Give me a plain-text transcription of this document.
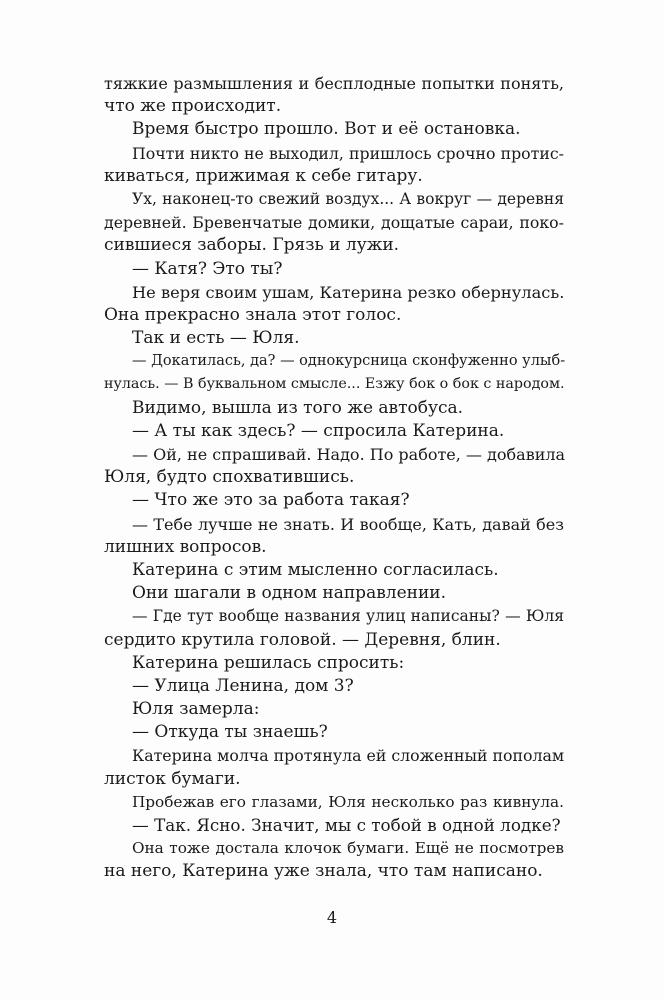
тяжкие размышления и бесплодные попытки понять,
что же происходит.
Время быстро прошло. Вот и её остановка.
Почти никто не выходил, пришлось срочно протис-
киваться, прижимая к себе гитару.
Ух, наконец-то свежий воздух... А вокруг — деревня
деревней. Бревенчатые домики, дощатые сараи, поко-
сившиеся заборы. Грязь и лужи.
— Катя? Это ты?
Не веря своим ушам, Катерина резко обернулась.
Она прекрасно знала этот голос.
Так и есть — Юля.
— Докатилась, да? — однокурсница сконфуженно улыб-
нулась. — В буквальном смысле... Езжу бок о бок с народом.
Видимо, вышла из того же автобуса.
— А ты как здесь? — спросила Катерина.
— Ой, не спрашивай. Надо. По работе, — добавила
Юля, будто спохватившись.
— Что же это за работа такая?
— Тебе лучше не знать. И вообще, Кать, давай без
лишних вопросов.
Катерина с этим мысленно согласилась.
Они шагали в одном направлении.
— Где тут вообще названия улиц написаны? — Юля
сердито крутила головой. — Деревня, блин.
Катерина решилась спросить:
— Улица Ленина, дом 3?
Юля замерла:
— Откуда ты знаешь?
Катерина молча протянула ей сложенный пополам
листок бумаги.
Пробежав его глазами, Юля несколько раз кивнула.
— Так. Ясно. Значит, мы с тобой в одной лодке?
Она тоже достала клочок бумаги. Ещё не посмотрев
на него, Катерина уже знала, что там написано.
4
